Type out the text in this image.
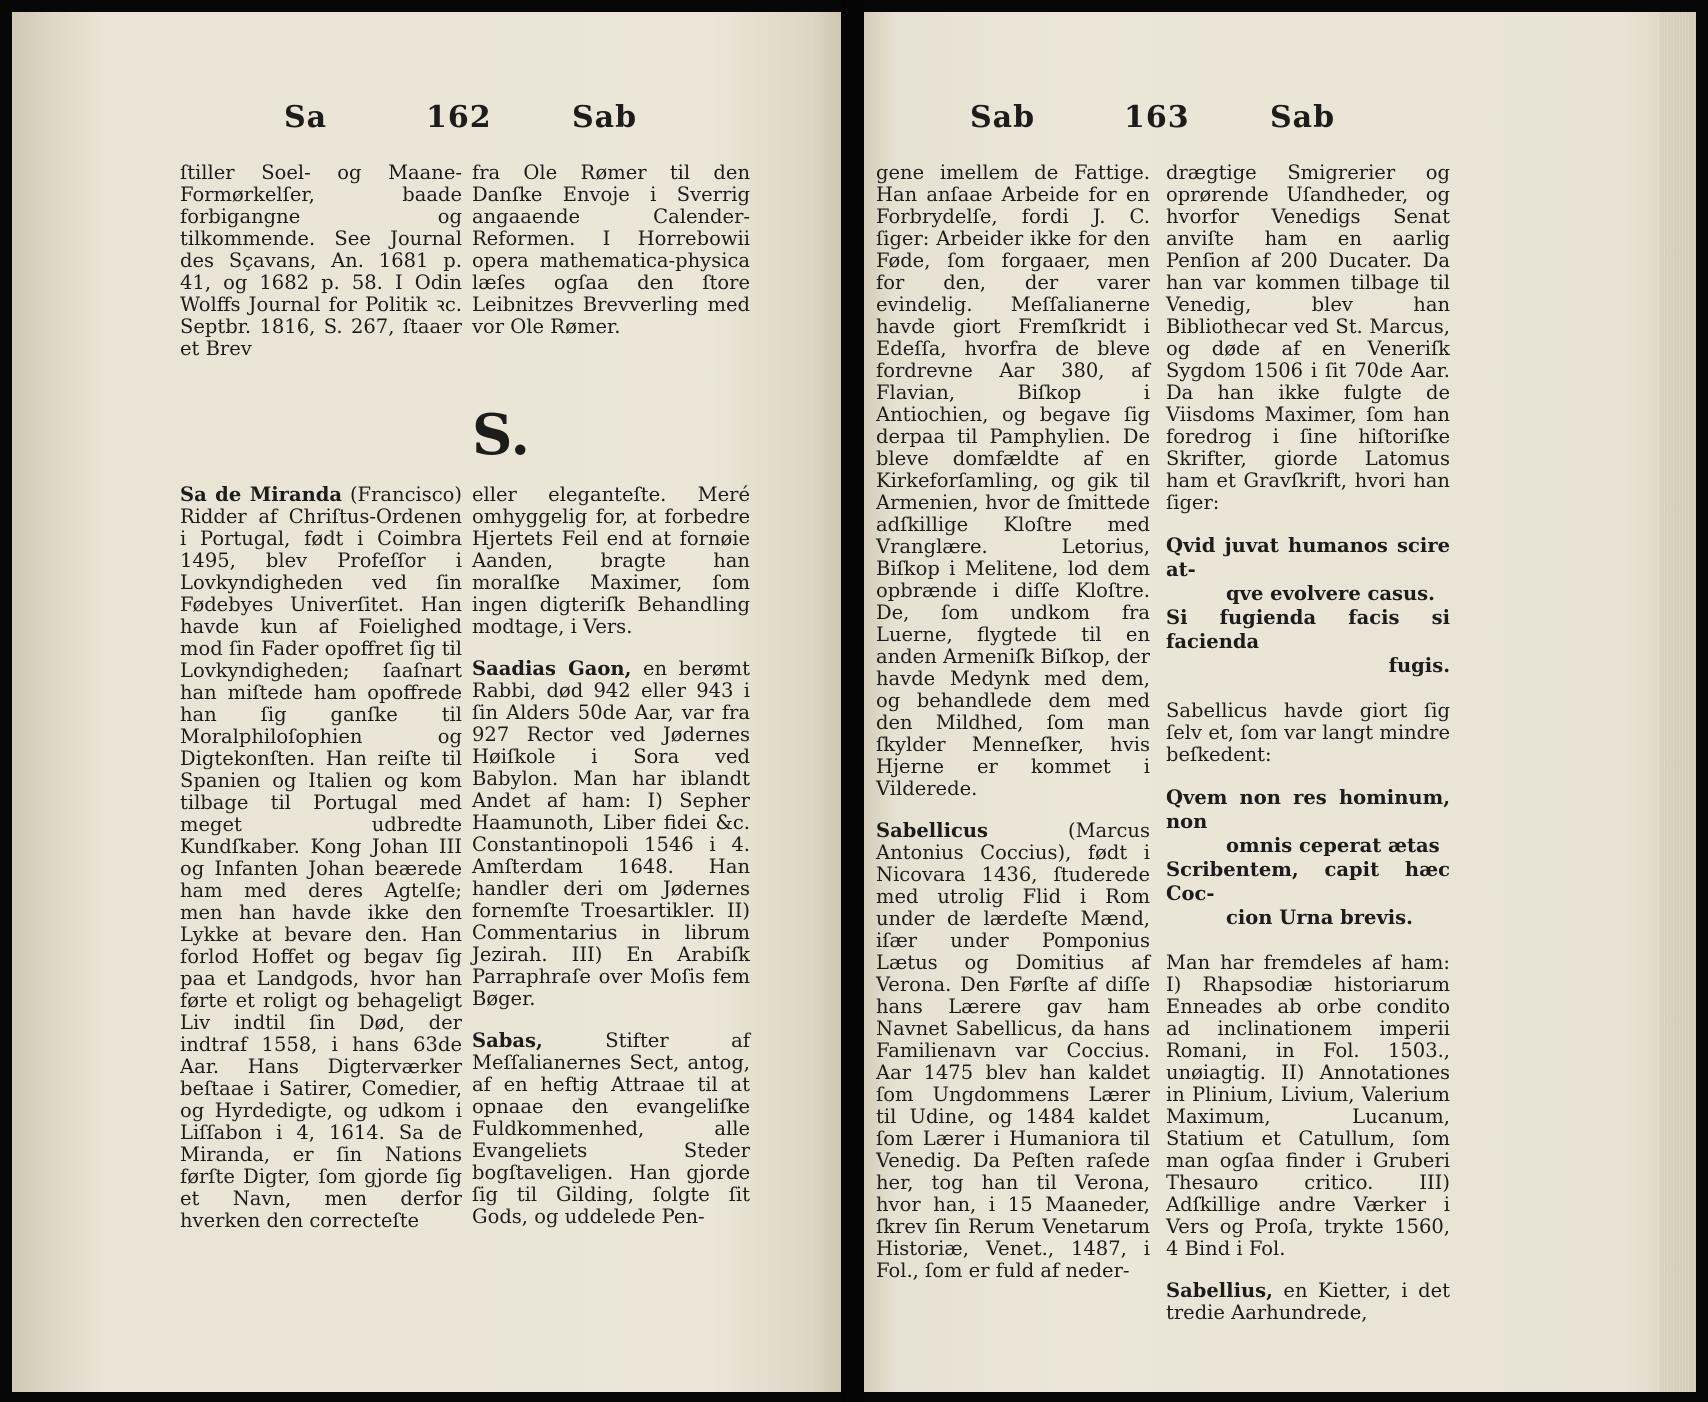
Sa	162	Sab

ſtiller Soel- og Maane-Formørkelſer, baade forbigangne og tilkommende. See Journal des Sçavans, An. 1681 p. 41, og 1682 p. 58. I Odin Wolffs Journal for Politik ꝛc. Septbr. 1816, S. 267, ſtaaer et Brev

fra Ole Rømer til den Danſke Envoje i Sverrig angaaende Calender-Reformen. I Horrebowii opera mathematica-physica læſes ogſaa den ſtore Leibnitzes Brevverling med vor Ole Rømer.

S.

Sa de Miranda (Francisco) Ridder af Chriſtus-Ordenen i Portugal, født i Coimbra 1495, blev Profeſſor i Lovkyndigheden ved ſin Fødebyes Univerſitet. Han havde kun af Foielighed mod ſin Fader opoffret ſig til Lovkyndigheden; ſaaſnart han miſtede ham opoffrede han ſig ganſke til Moralphiloſophien og Digtekonſten. Han reiſte til Spanien og Italien og kom tilbage til Portugal med meget udbredte Kundſkaber. Kong Johan III og Infanten Johan beærede ham med deres Agtelſe; men han havde ikke den Lykke at bevare den. Han forlod Hoffet og begav ſig paa et Landgods, hvor han førte et roligt og behageligt Liv indtil ſin Død, der indtraf 1558, i hans 63de Aar. Hans Digterværker beſtaae i Satirer, Comedier, og Hyrdedigte, og udkom i Liſſabon i 4, 1614. Sa de Miranda, er ſin Nations førſte Digter, ſom gjorde ſig et Navn, men derfor hverken den correcteſte

eller eleganteſte. Meré omhyggelig for, at forbedre Hjertets Feil end at fornøie Aanden, bragte han moralſke Maximer, ſom ingen digteriſk Behandling modtage, i Vers.

Saadias Gaon, en berømt Rabbi, død 942 eller 943 i ſin Alders 50de Aar, var fra 927 Rector ved Jødernes Høiſkole i Sora ved Babylon. Man har iblandt Andet af ham: I) Sepher Haamunoth, Liber fidei &c. Constantinopoli 1546 i 4. Amſterdam 1648. Han handler deri om Jødernes fornemſte Troesartikler. II) Commentarius in librum Jezirah. III) En Arabiſk Parraphraſe over Moſis fem Bøger.

Sabas,	Stifter af Meſſalianernes Sect, antog, af en heftig Attraae til at opnaae den evangeliſke Fuldkommenhed, alle Evangeliets Steder bogſtaveligen. Han gjorde ſig til Gilding, ſolgte ſit Gods, og uddelede Pen-

Sab	163	Sab

gene imellem de Fattige. Han anſaae Arbeide for en Forbrydelſe, fordi J. C. ſiger: Arbeider ikke for den Føde, ſom forgaaer, men for den, der varer evindelig. Meſſalianerne havde giort Fremſkridt i Edeſſa, hvorfra de bleve fordrevne Aar 380, af Flavian, Biſkop i Antiochien, og begave ſig derpaa til Pamphylien. De bleve domfældte af en Kirkeforſamling, og gik til Armenien, hvor de ſmittede adſkillige Kloſtre med Vranglære. Letorius, Biſkop i Melitene, lod dem opbrænde i diſſe Kloſtre. De, ſom undkom fra Luerne, flygtede til en anden Armeniſk Biſkop, der havde Medynk med dem, og behandlede dem med den Mildhed, ſom man ſkylder Menneſker, hvis Hjerne er kommet i Vilderede.

Sabellicus	(Marcus Antonius Coccius), født i Nicovara 1436, ſtuderede med utrolig Flid i Rom under de lærdeſte Mænd, iſær under Pomponius Lætus og Domitius af Verona. Den Førſte af diſſe hans Lærere gav ham Navnet Sabellicus, da hans Familienavn var Coccius. Aar 1475 blev han kaldet ſom Ungdommens Lærer til Udine, og 1484 kaldet ſom Lærer i Humaniora til Venedig. Da Peſten raſede her, tog han til Verona, hvor han, i 15 Maaneder, ſkrev ſin Rerum Venetarum Historiæ, Venet., 1487, i Fol., ſom er fuld af neder-

drægtige Smigrerier og oprørende Uſandheder, og hvorfor Venedigs Senat anviſte ham en aarlig Penſion af 200 Ducater. Da han var kommen tilbage til Venedig, blev han Bibliothecar ved St. Marcus, og døde af en Veneriſk Sygdom 1506 i ſit 70de Aar. Da han ikke fulgte de Viisdoms Maximer, ſom han foredrog i ſine hiſtoriſke Skrifter, giorde Latomus ham et Gravſkrift, hvori han ſiger:

Qvid juvat humanos scire at-
qve evolvere casus.
Si fugienda facis si facienda
fugis.

Sabellicus havde giort ſig ſelv et, ſom var langt mindre beſkedent:

Qvem non res hominum, non
omnis ceperat ætas
Scribentem, capit hæc Coc-
cion Urna brevis.

Man har fremdeles af ham: I) Rhapsodiæ historiarum Enneades ab orbe condito ad inclinationem imperii Romani, in Fol. 1503., unøiagtig. II) Annotationes in Plinium, Livium, Valerium Maximum, Lucanum, Statium et Catullum, ſom man ogſaa finder i Gruberi Thesauro critico. III) Adſkillige andre Værker i Vers og Proſa, trykte 1560, 4 Bind i Fol.

Sabellius, en Kietter, i det tredie Aarhundrede,
